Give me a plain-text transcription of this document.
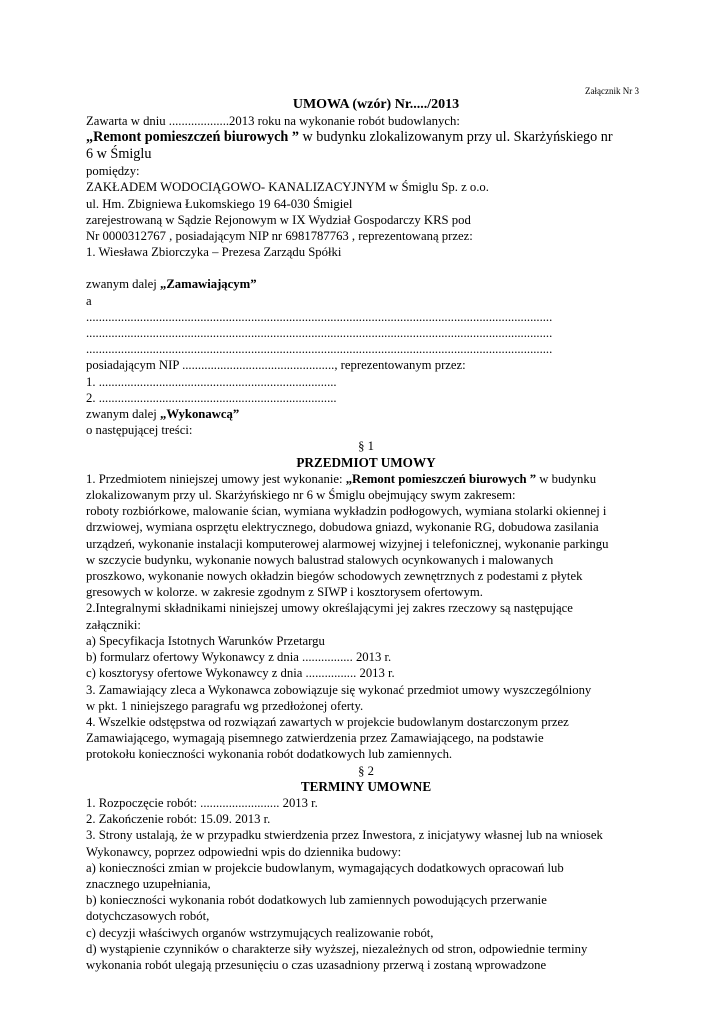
Załącznik Nr 3
UMOWA (wzór) Nr...../2013
Zawarta w dniu ...................2013 roku na wykonanie robót budowlanych:
„Remont pomieszczeń biurowych ” w budynku zlokalizowanym przy ul. Skarżyńskiego nr
6 w Śmiglu
pomiędzy:
ZAKŁADEM WODOCIĄGOWO- KANALIZACYJNYM w Śmiglu Sp. z o.o.
ul. Hm. Zbigniewa Łukomskiego 19 64-030 Śmigiel
zarejestrowaną w Sądzie Rejonowym w IX Wydział Gospodarczy KRS pod
Nr 0000312767 , posiadającym NIP nr 6981787763 , reprezentowaną przez:
1. Wiesława Zbiorczyka – Prezesa Zarządu Spółki
zwanym dalej „Zamawiającym”
a
...................................................................................................................................................
...................................................................................................................................................
...................................................................................................................................................
posiadającym NIP ................................................, reprezentowanym przez:
1. ...........................................................................
2. ...........................................................................
zwanym dalej „Wykonawcą”
o następującej treści:
§ 1
PRZEDMIOT UMOWY
1. Przedmiotem niniejszej umowy jest wykonanie: „Remont pomieszczeń biurowych ” w budynku
zlokalizowanym przy ul. Skarżyńskiego nr 6 w Śmiglu obejmujący swym zakresem:
roboty rozbiórkowe, malowanie ścian, wymiana wykładzin podłogowych, wymiana stolarki okiennej i
drzwiowej, wymiana osprzętu elektrycznego, dobudowa gniazd, wykonanie RG, dobudowa zasilania
urządzeń, wykonanie instalacji komputerowej alarmowej wizyjnej i telefonicznej, wykonanie parkingu
w szczycie budynku, wykonanie nowych balustrad stalowych ocynkowanych i malowanych
proszkowo, wykonanie nowych okładzin biegów schodowych zewnętrznych z podestami z płytek
gresowych w kolorze. w zakresie zgodnym z SIWP i kosztorysem ofertowym.
2.Integralnymi składnikami niniejszej umowy określającymi jej zakres rzeczowy są następujące
załączniki:
a) Specyfikacja Istotnych Warunków Przetargu
b) formularz ofertowy Wykonawcy z dnia ................ 2013 r.
c) kosztorysy ofertowe Wykonawcy z dnia ................ 2013 r.
3. Zamawiający zleca a Wykonawca zobowiązuje się wykonać przedmiot umowy wyszczególniony
w pkt. 1 niniejszego paragrafu wg przedłożonej oferty.
4. Wszelkie odstępstwa od rozwiązań zawartych w projekcie budowlanym dostarczonym przez
Zamawiającego, wymagają pisemnego zatwierdzenia przez Zamawiającego, na podstawie
protokołu konieczności wykonania robót dodatkowych lub zamiennych.
§ 2
TERMINY UMOWNE
1. Rozpoczęcie robót: ......................... 2013 r.
2. Zakończenie robót: 15.09. 2013 r.
3. Strony ustalają, że w przypadku stwierdzenia przez Inwestora, z inicjatywy własnej lub na wniosek
Wykonawcy, poprzez odpowiedni wpis do dziennika budowy:
a) konieczności zmian w projekcie budowlanym, wymagających dodatkowych opracowań lub
znacznego uzupełniania,
b) konieczności wykonania robót dodatkowych lub zamiennych powodujących przerwanie
dotychczasowych robót,
c) decyzji właściwych organów wstrzymujących realizowanie robót,
d) wystąpienie czynników o charakterze siły wyższej, niezależnych od stron, odpowiednie terminy
wykonania robót ulegają przesunięciu o czas uzasadniony przerwą i zostaną wprowadzone
